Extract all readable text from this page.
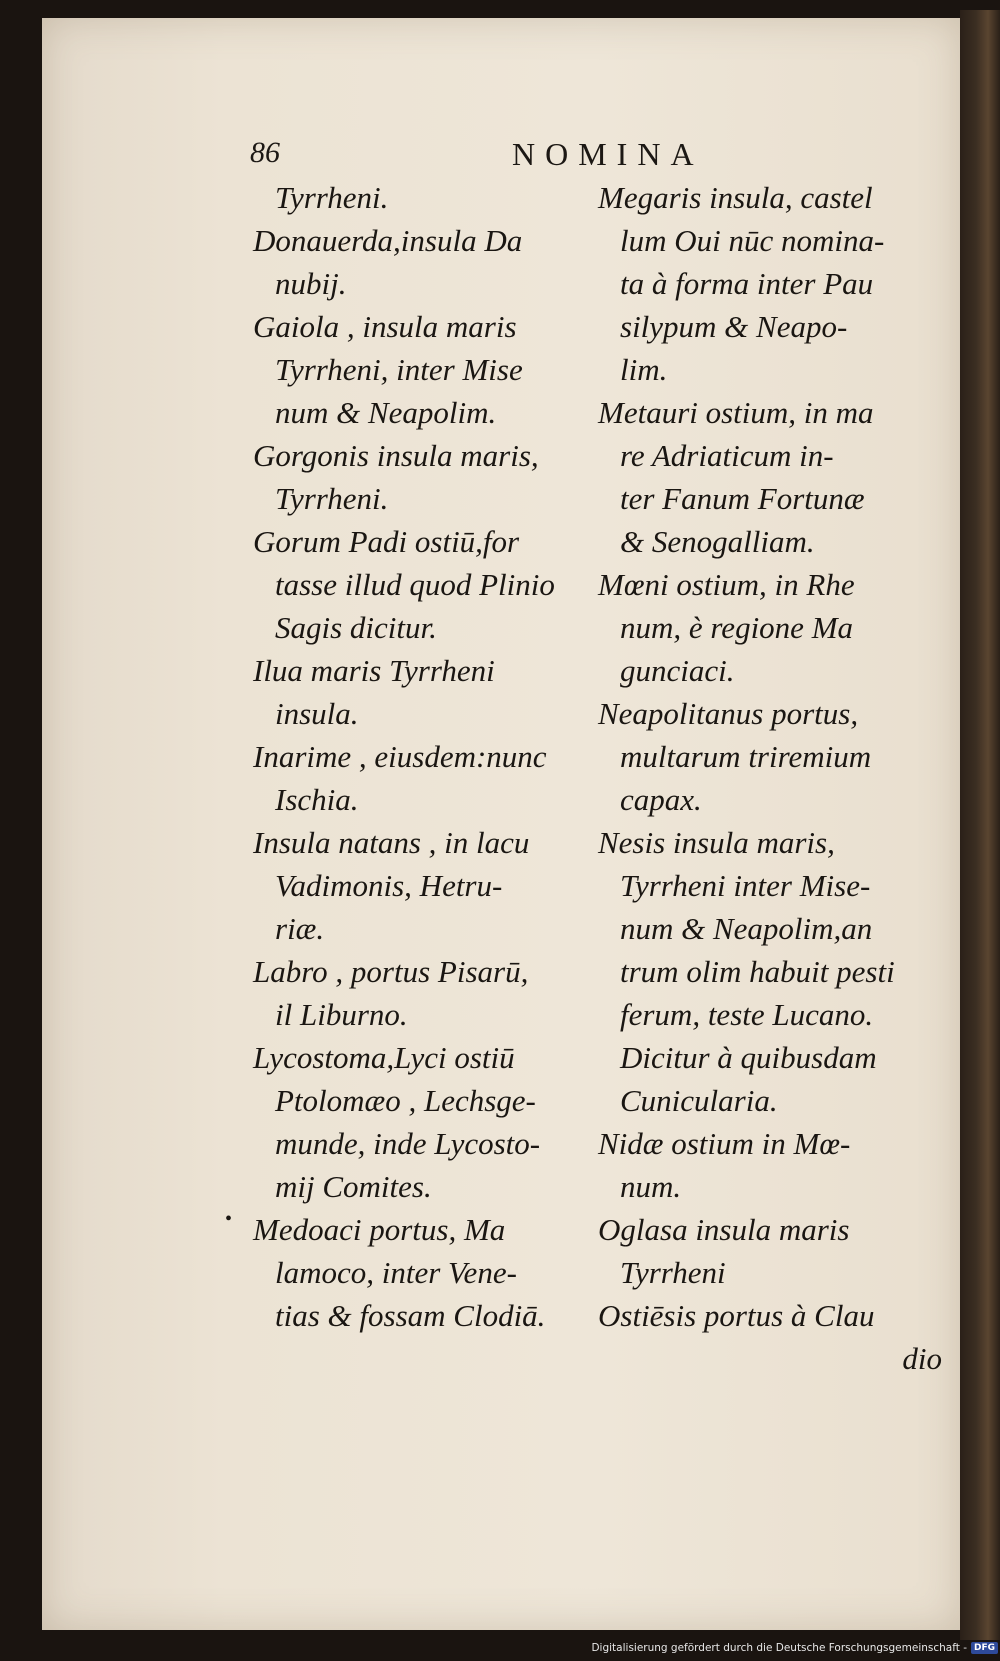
86	NOMINA
•
Tyrrheni.
Donauerda,insula Da
nubij.
Gaiola , insula maris
Tyrrheni, inter Mise
num & Neapolim.
Gorgonis insula maris,
Tyrrheni.
Gorum Padi ostiū,for
tasse illud quod Plinio
Sagis dicitur.
Ilua maris Tyrrheni
insula.
Inarime , eiusdem:nunc
Ischia.
Insula natans , in lacu
Vadimonis, Hetru-
riæ.
Labro , portus Pisarū,
il Liburno.
Lycostoma,Lyci ostiū
Ptolomæo , Lechsge-
munde, inde Lycosto-
mij Comites.
Medoaci portus, Ma
lamoco, inter Vene-
tias & fossam Clodiā.
Megaris insula, castel
lum Oui nūc nomina-
ta à forma inter Pau
silypum & Neapo-
lim.
Metauri ostium, in ma
re Adriaticum in-
ter Fanum Fortunæ
& Senogalliam.
Mœni ostium, in Rhe
num, è regione Ma
gunciaci.
Neapolitanus portus,
multarum triremium
capax.
Nesis insula maris,
Tyrrheni inter Mise-
num & Neapolim,an
trum olim habuit pesti
ferum, teste Lucano.
Dicitur à quibusdam
Cunicularia.
Nidæ ostium in Mœ-
num.
Oglasa insula maris
Tyrrheni
Ostiēsis portus à Clau
dio
Digitalisierung gefördert durch die Deutsche Forschungsgemeinschaft - DFG
